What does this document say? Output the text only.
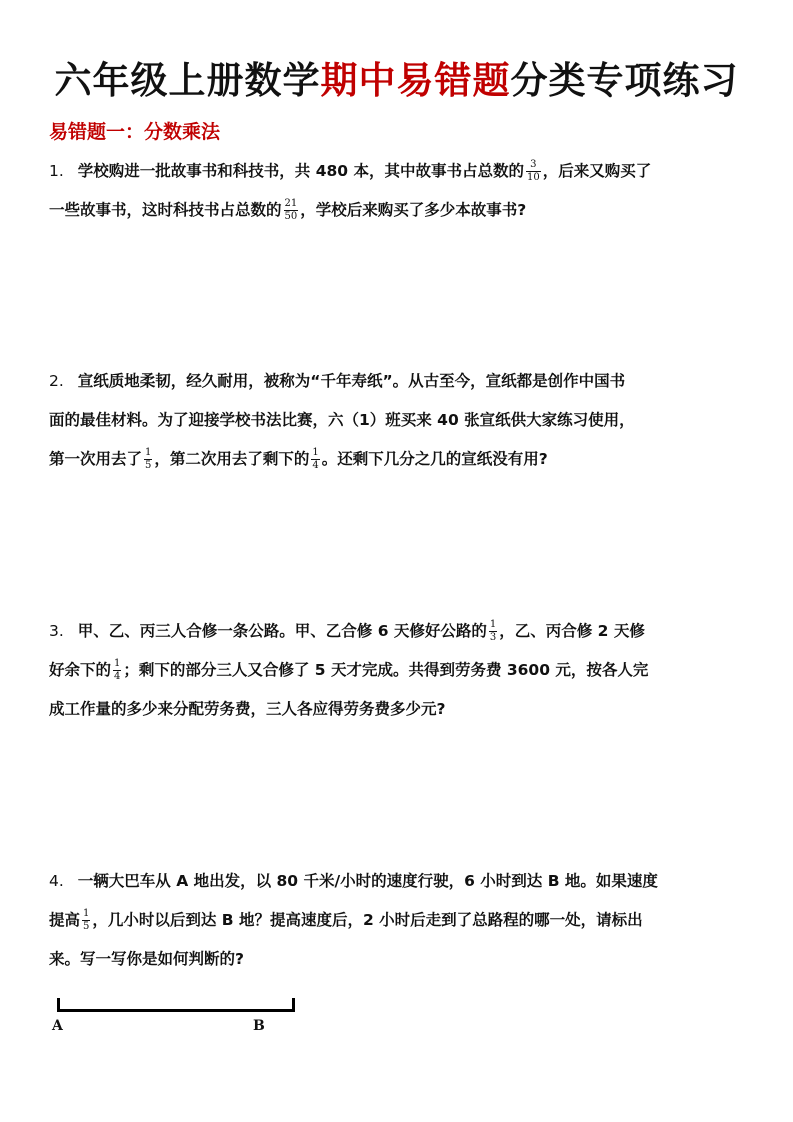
六年级上册数学期中易错题分类专项练习
易错题一：分数乘法
1. 学校购进一批故事书和科技书，共 480 本，其中故事书占总数的 $\frac{3}{10}$ ，后来又购买了
一些故事书，这时科技书占总数的 $\frac{21}{50}$ ，学校后来购买了多少本故事书?
2. 宣纸质地柔韧，经久耐用，被称为“千年寿纸”。从古至今，宣纸都是创作中国书
面的最佳材料。为了迎接学校书法比赛，六（1）班买来 40 张宣纸供大家练习使用，
第一次用去了 $\frac{1}{5}$ ，第二次用去了剩下的 $\frac{1}{4}$ 。还剩下几分之几的宣纸没有用?
3. 甲、乙、丙三人合修一条公路。甲、乙合修 6 天修好公路的 $\frac{1}{3}$ ，乙、丙合修 2 天修
好余下的 $\frac{1}{4}$ ；剩下的部分三人又合修了 5 天才完成。共得到劳务费 3600 元，按各人完
成工作量的多少来分配劳务费，三人各应得劳务费多少元?
4. 一辆大巴车从 A 地出发，以 80 千米/小时的速度行驶，6 小时到达 B 地。如果速度
提高 $\frac{1}{5}$ ，几小时以后到达 B 地？提高速度后，2 小时后走到了总路程的哪一处，请标出
来。写一写你是如何判断的?
A	B
